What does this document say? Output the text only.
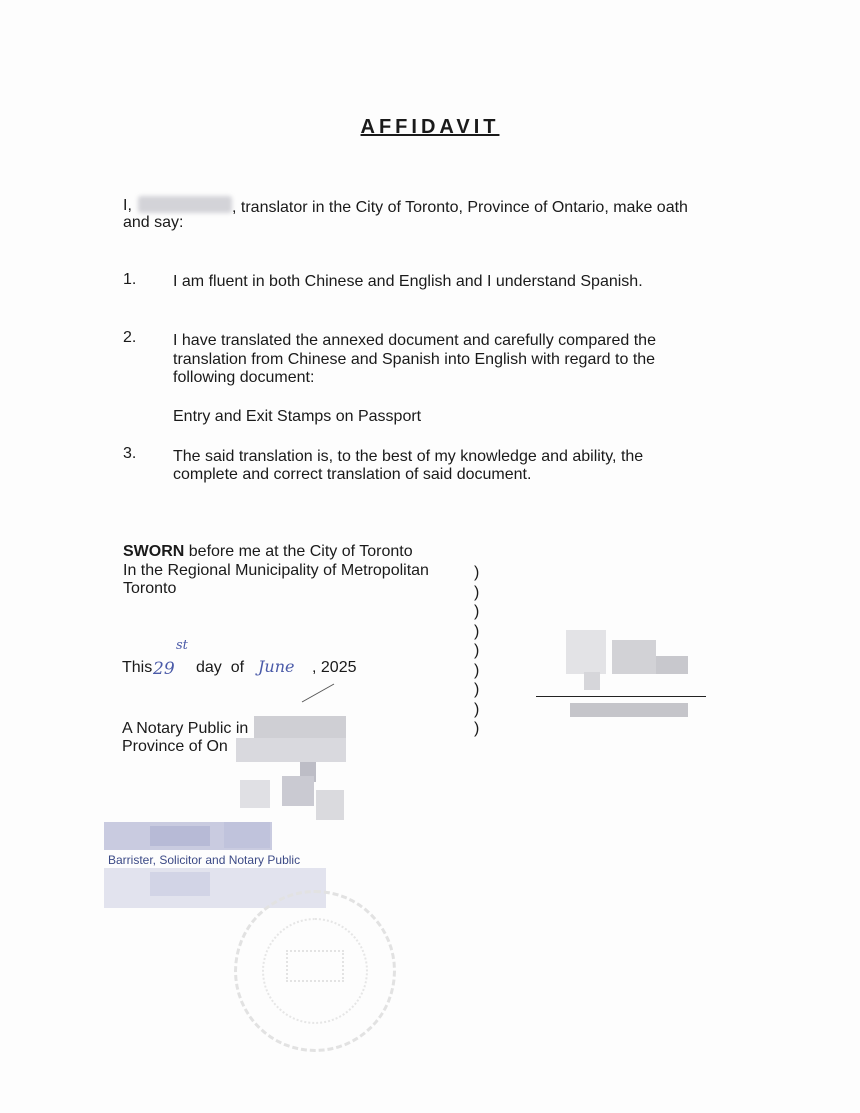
AFFIDAVIT
I,	, translator in the City of Toronto, Province of Ontario, make oath
and say:
1. I am fluent in both Chinese and English and I understand Spanish.
2. I have translated the annexed document and carefully compared the
translation from Chinese and Spanish into English with regard to the
following document:
Entry and Exit Stamps on Passport
3. The said translation is, to the best of my knowledge and ability, the
complete and correct translation of said document.
SWORN before me at the City of Toronto
In the Regional Municipality of Metropolitan
Toronto
)
)
)
)
)
)
)
)
)
This 29
st
day  of June , 2025
A Notary Public in
Province of On
Barrister, Solicitor and Notary Public
